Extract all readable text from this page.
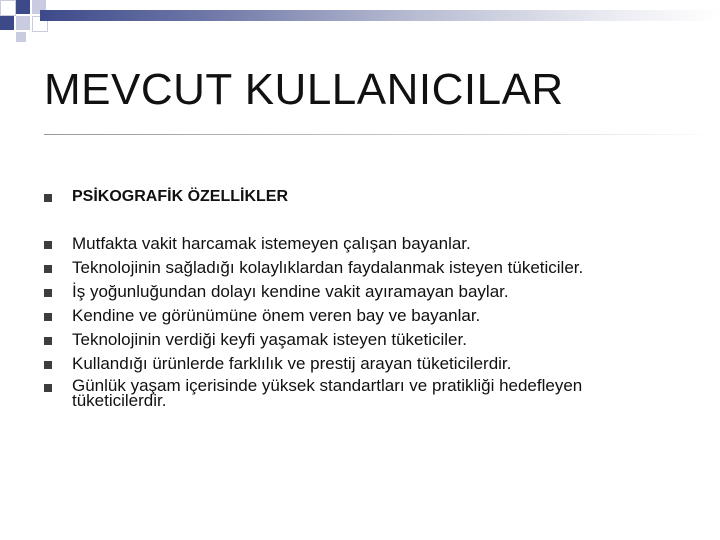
MEVCUT KULLANICILAR
PSİKOGRAFİK ÖZELLİKLER
Mutfakta vakit harcamak istemeyen çalışan bayanlar.
Teknolojinin sağladığı kolaylıklardan faydalanmak isteyen tüketiciler.
İş yoğunluğundan dolayı kendine vakit ayıramayan baylar.
Kendine ve görünümüne önem veren bay ve bayanlar.
Teknolojinin verdiği keyfi yaşamak isteyen tüketiciler.
Kullandığı ürünlerde farklılık ve prestij arayan tüketicilerdir.
Günlük yaşam içerisinde yüksek standartları ve pratikliği hedefleyen tüketicilerdir.
